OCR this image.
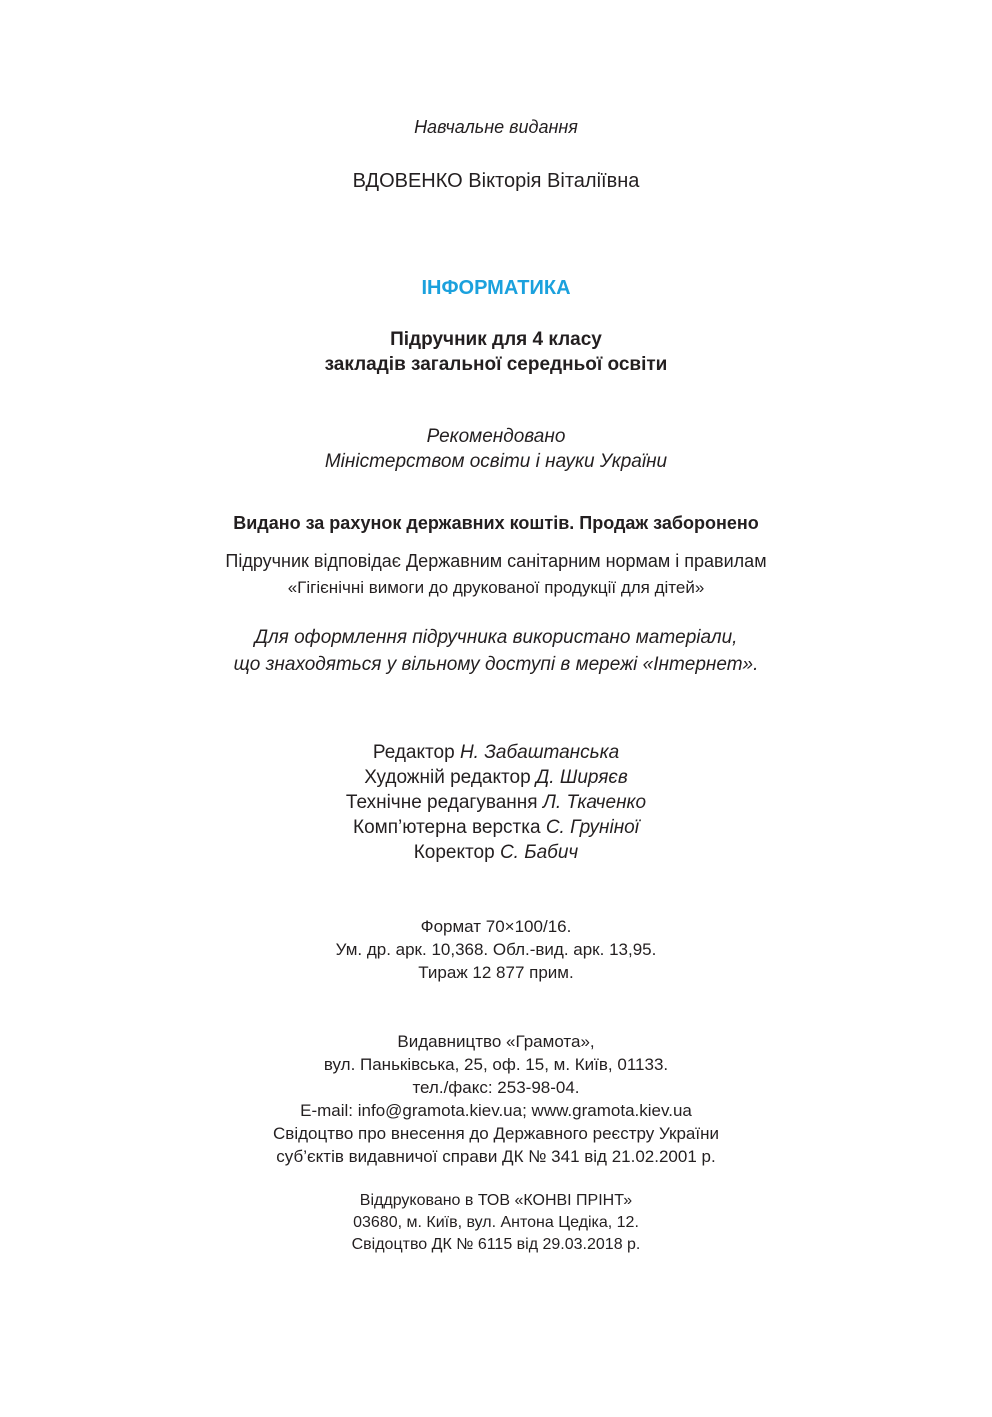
Навчальне видання
ВДОВЕНКО Вікторія Віталіївна
ІНФОРМАТИКА
Підручник для 4 класу
закладів загальної середньої освіти
Рекомендовано
Міністерством освіти і науки України
Видано за рахунок державних коштів. Продаж заборонено
Підручник відповідає Державним санітарним нормам і правилам
«Гігієнічні вимоги до друкованої продукції для дітей»
Для оформлення підручника використано матеріали,
що знаходяться у вільному доступі в мережі «Інтернет».
Редактор Н. Забаштанська
Художній редактор Д. Ширяєв
Технічне редагування Л. Ткаченко
Комп’ютерна верстка С. Груніної
Коректор С. Бабич
Формат 70×100/16.
Ум. др. арк. 10,368. Обл.-вид. арк. 13,95.
Тираж 12 877 прим.
Видавництво «Грамота»,
вул. Паньківська, 25, оф. 15, м. Київ, 01133.
тел./факс: 253-98-04.
E-mail: info@gramota.kiev.ua; www.gramota.kiev.ua
Свідоцтво про внесення до Державного реєстру України
суб’єктів видавничої справи ДК № 341 від 21.02.2001 р.
Віддруковано в ТОВ «КОНВІ ПРІНТ»
03680, м. Київ, вул. Антона Цедіка, 12.
Свідоцтво ДК № 6115 від 29.03.2018 р.
